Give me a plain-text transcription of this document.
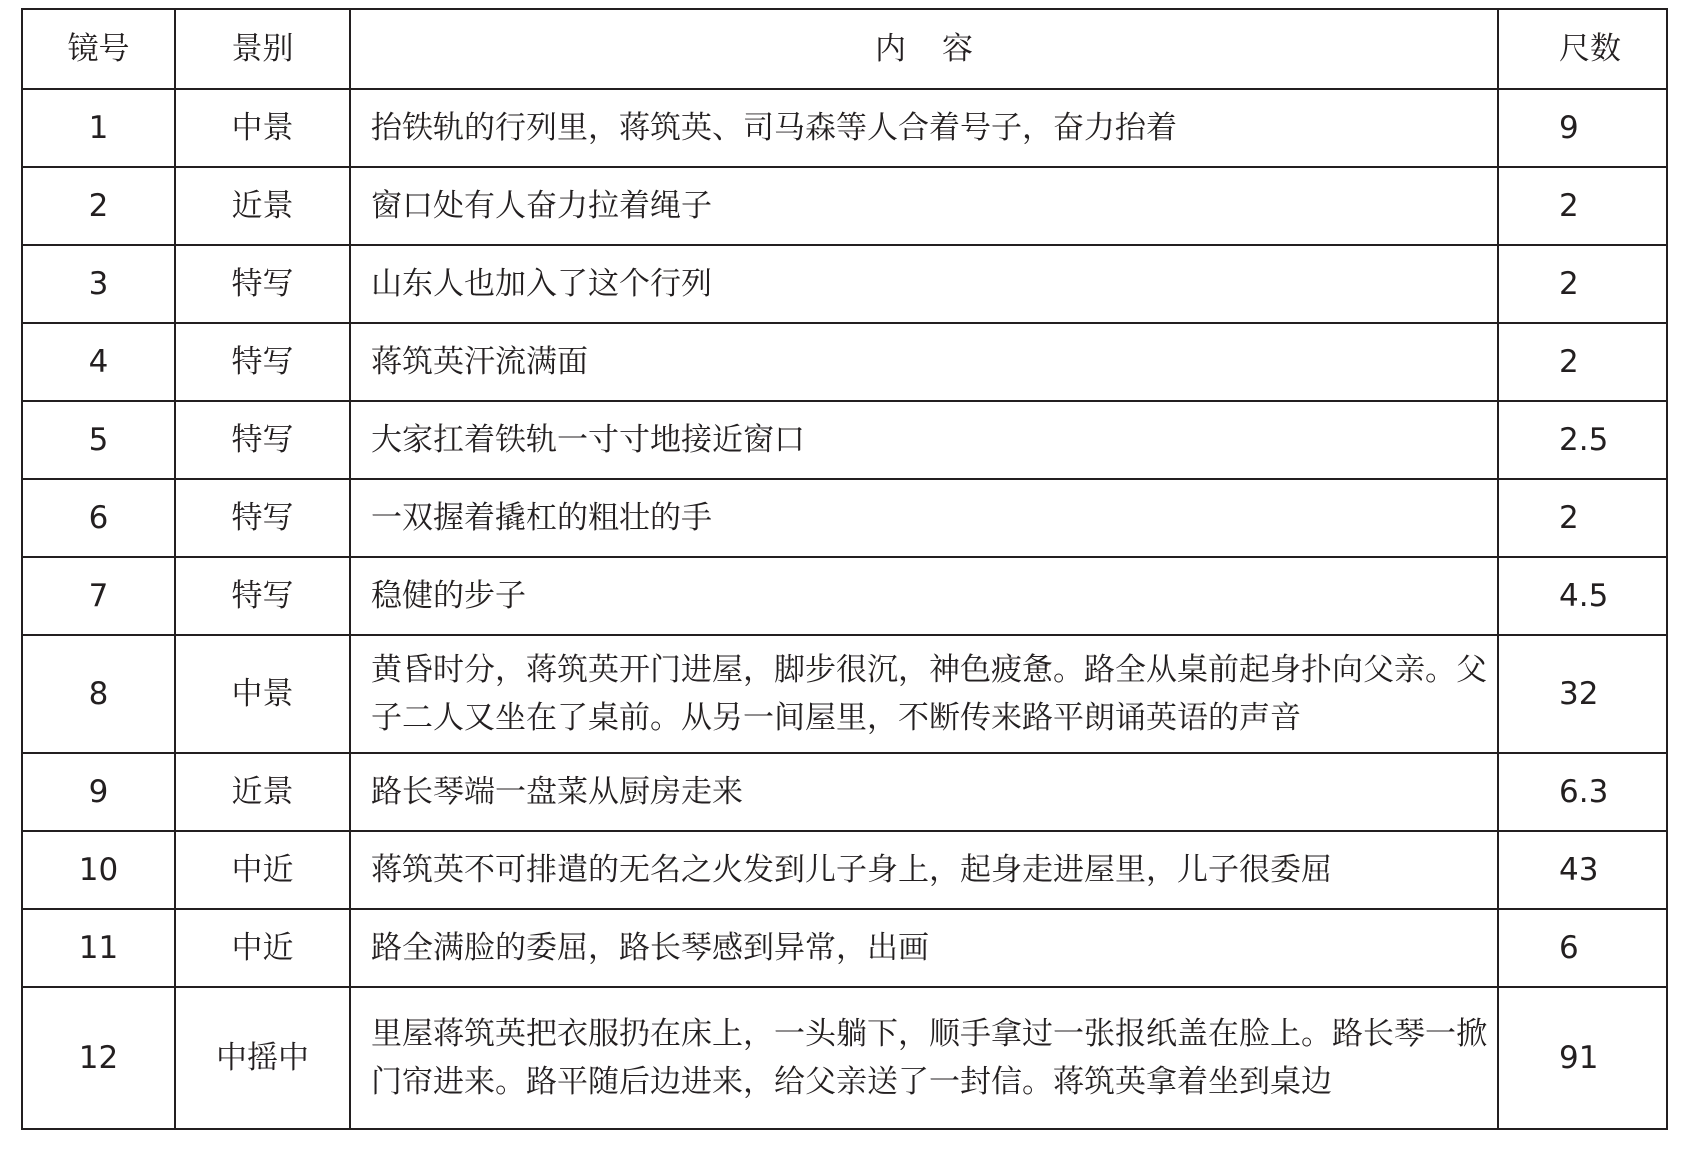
镜号	景别	内容	尺数
1	中景	抬铁轨的行列里，蒋筑英、司马森等人合着号子，奋力抬着	9
2	近景	窗口处有人奋力拉着绳子	2
3	特写	山东人也加入了这个行列	2
4	特写	蒋筑英汗流满面	2
5	特写	大家扛着铁轨一寸寸地接近窗口	2.5
6	特写	一双握着撬杠的粗壮的手	2
7	特写	稳健的步子	4.5
8	中景	黄昏时分，蒋筑英开门进屋，脚步很沉，神色疲惫。路全从桌前起身扑向父亲。父子二人又坐在了桌前。从另一间屋里，不断传来路平朗诵英语的声音	32
9	近景	路长琴端一盘菜从厨房走来	6.3
10	中近	蒋筑英不可排遣的无名之火发到儿子身上，起身走进屋里，儿子很委屈	43
11	中近	路全满脸的委屈，路长琴感到异常，出画	6
12	中摇中	里屋蒋筑英把衣服扔在床上，一头躺下，顺手拿过一张报纸盖在脸上。路长琴一掀门帘进来。路平随后边进来，给父亲送了一封信。蒋筑英拿着坐到桌边	91
